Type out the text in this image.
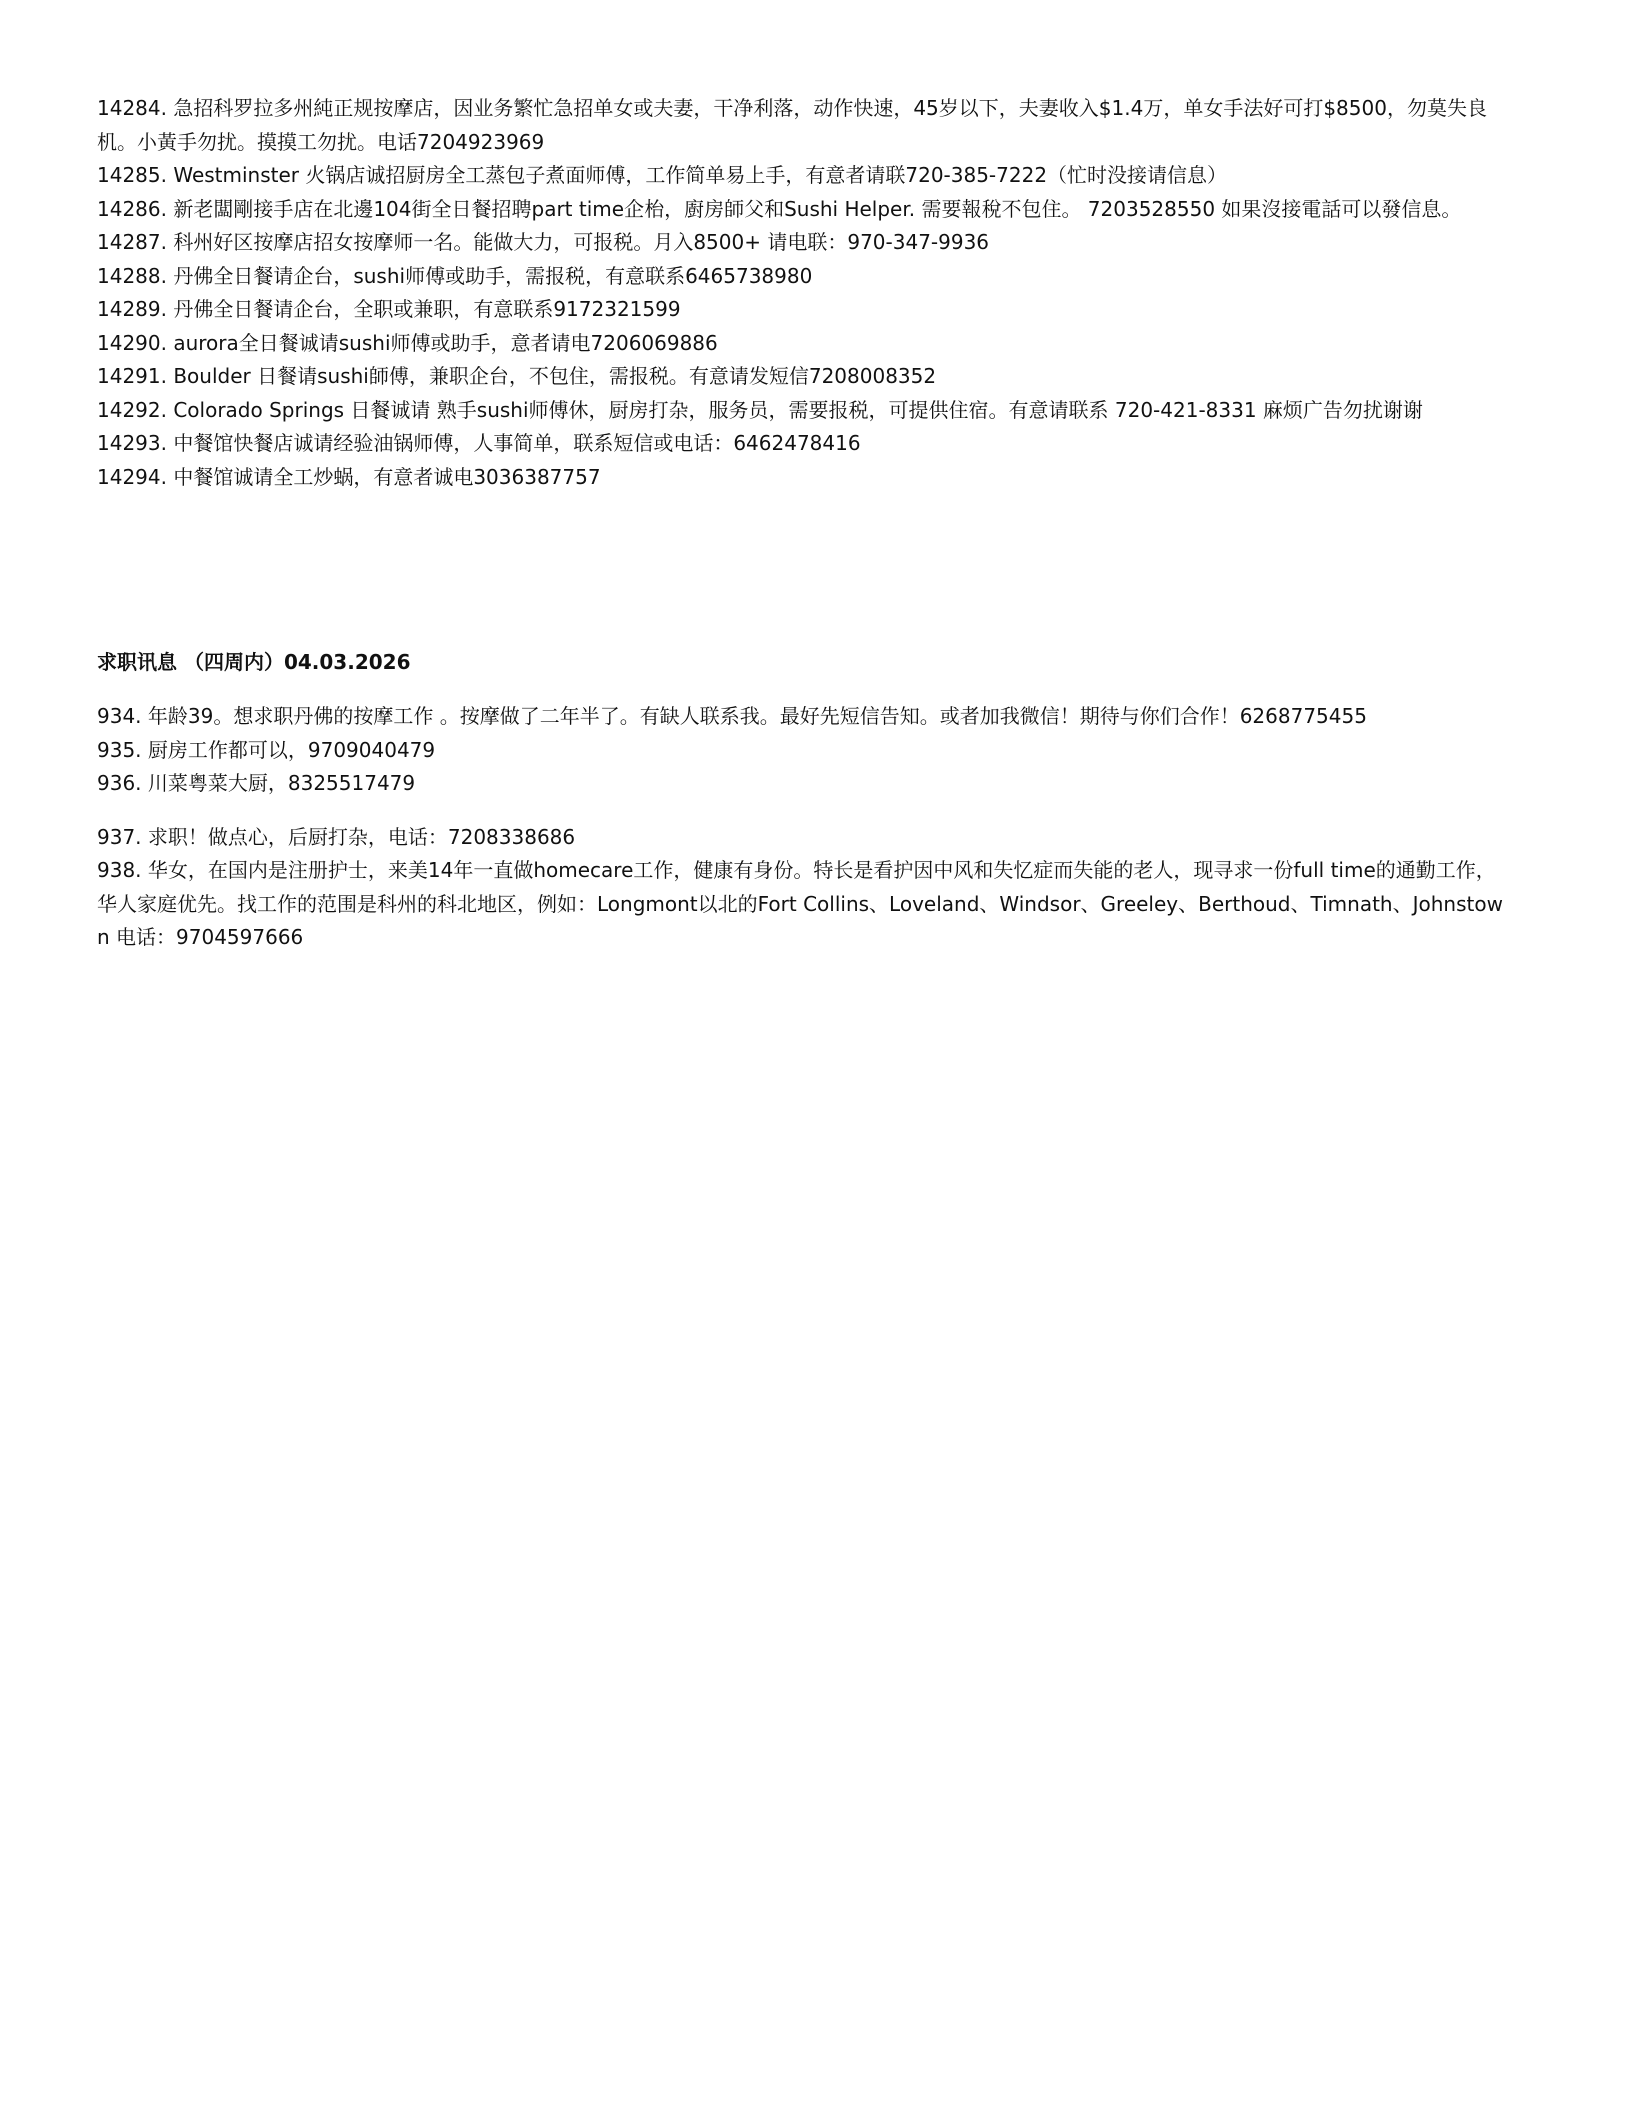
14284. 急招科罗拉多州純正规按摩店，因业务繁忙急招单女或夫妻，干净利落，动作快速，45岁以下，夫妻收入$1.4万，单女手法好可打$8500，勿莫失良机。小黃手勿扰。摸摸工勿扰。电话7204923969
14285. Westminster 火锅店诚招厨房全工蒸包子煮面师傅，工作简单易上手，有意者请联720-385-7222（忙时没接请信息）
14286. 新老闆剛接手店在北邊104街全日餐招聘part time企枱，廚房師父和Sushi Helper. 需要報稅不包住。 7203528550 如果沒接電話可以發信息。
14287. 科州好区按摩店招女按摩师一名。能做大力，可报税。月入8500+ 请电联：970-347-9936
14288. 丹佛全日餐请企台，sushi师傅或助手，需报税，有意联系6465738980
14289. 丹佛全日餐请企台，全职或兼职，有意联系9172321599
14290. aurora全日餐诚请sushi师傅或助手，意者请电7206069886
14291. Boulder 日餐请sushi師傅，兼职企台，不包住，需报税。有意请发短信7208008352
14292. Colorado Springs 日餐诚请 熟手sushi师傅休，厨房打杂，服务员，需要报税，可提供住宿。有意请联系 720-421-8331 麻烦广告勿扰谢谢
14293. 中餐馆快餐店诚请经验油锅师傅，人事简单，联系短信或电话：6462478416
14294. 中餐馆诚请全工炒蜗，有意者诚电3036387757
求职讯息 （四周内）04.03.2026
934. 年龄39。想求职丹佛的按摩工作 。按摩做了二年半了。有缺人联系我。最好先短信告知。或者加我微信！期待与你们合作！6268775455
935. 厨房工作都可以，9709040479
936. 川菜粤菜大厨，8325517479
937. 求职！做点心，后厨打杂，电话：7208338686
938. 华女，在国内是注册护士，来美14年一直做homecare工作，健康有身份。特长是看护因中风和失忆症而失能的老人，现寻求一份full time的通勤工作，华人家庭优先。找工作的范围是科州的科北地区，例如：Longmont以北的Fort Collins、Loveland、Windsor、Greeley、Berthoud、Timnath、Johnstown 电话：9704597666
